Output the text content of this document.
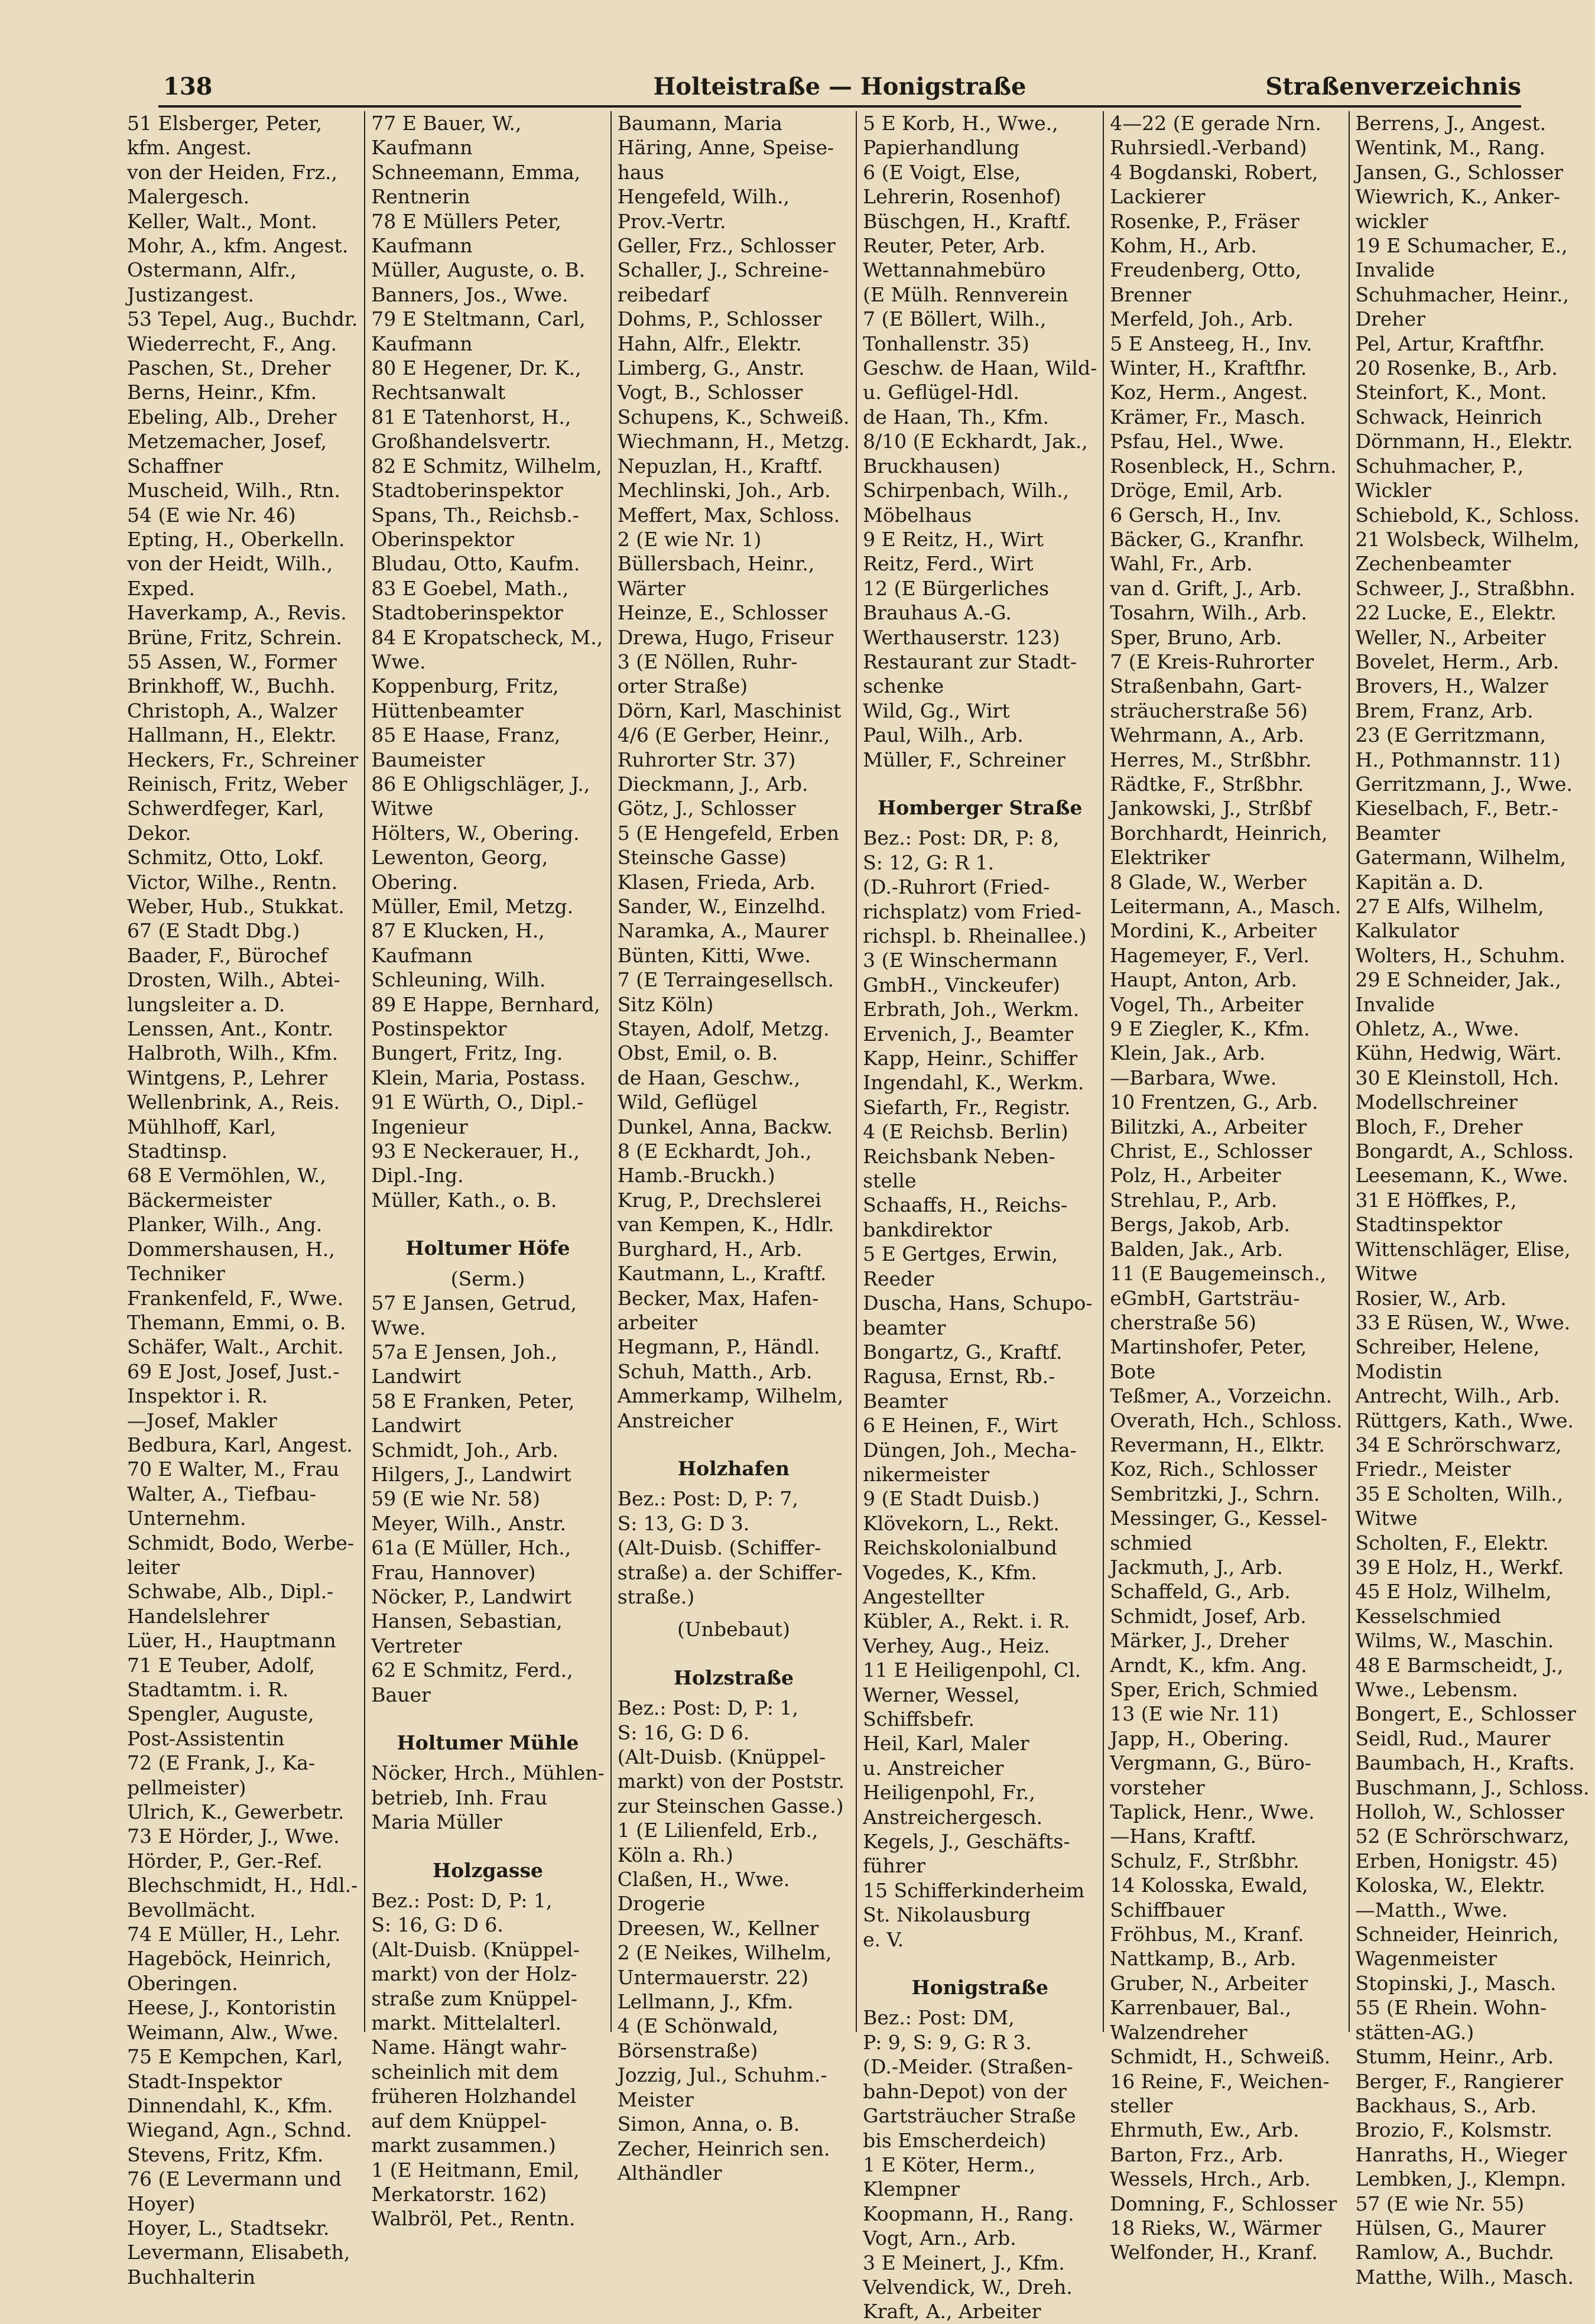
138	Holteistraße — Honigstraße	Straßenverzeichnis
51 Elsberger, Peter,
kfm. Angest.
von der Heiden, Frz.,
Malergesch.
Keller, Walt., Mont.
Mohr, A., kfm. Angest.
Ostermann, Alfr.,
Justizangest.
53 Tepel, Aug., Buchdr.
Wiederrecht, F., Ang.
Paschen, St., Dreher
Berns, Heinr., Kfm.
Ebeling, Alb., Dreher
Metzemacher, Josef,
Schaffner
Muscheid, Wilh., Rtn.
54 (E wie Nr. 46)
Epting, H., Oberkelln.
von der Heidt, Wilh.,
Exped.
Haverkamp, A., Revis.
Brüne, Fritz, Schrein.
55 Assen, W., Former
Brinkhoff, W., Buchh.
Christoph, A., Walzer
Hallmann, H., Elektr.
Heckers, Fr., Schreiner
Reinisch, Fritz, Weber
Schwerdfeger, Karl,
Dekor.
Schmitz, Otto, Lokf.
Victor, Wilhe., Rentn.
Weber, Hub., Stukkat.
67 (E Stadt Dbg.)
Baader, F., Bürochef
Drosten, Wilh., Abtei-
lungsleiter a. D.
Lenssen, Ant., Kontr.
Halbroth, Wilh., Kfm.
Wintgens, P., Lehrer
Wellenbrink, A., Reis.
Mühlhoff, Karl,
Stadtinsp.
68 E Vermöhlen, W.,
Bäckermeister
Planker, Wilh., Ang.
Dommershausen, H.,
Techniker
Frankenfeld, F., Wwe.
Themann, Emmi, o. B.
Schäfer, Walt., Archit.
69 E Jost, Josef, Just.-
Inspektor i. R.
—Josef, Makler
Bedbura, Karl, Angest.
70 E Walter, M., Frau
Walter, A., Tiefbau-
Unternehm.
Schmidt, Bodo, Werbe-
leiter
Schwabe, Alb., Dipl.-
Handelslehrer
Lüer, H., Hauptmann
71 E Teuber, Adolf,
Stadtamtm. i. R.
Spengler, Auguste,
Post-Assistentin
72 (E Frank, J., Ka-
pellmeister)
Ulrich, K., Gewerbetr.
73 E Hörder, J., Wwe.
Hörder, P., Ger.-Ref.
Blechschmidt, H., Hdl.-
Bevollmächt.
74 E Müller, H., Lehr.
Hageböck, Heinrich,
Oberingen.
Heese, J., Kontoristin
Weimann, Alw., Wwe.
75 E Kempchen, Karl,
Stadt-Inspektor
Dinnendahl, K., Kfm.
Wiegand, Agn., Schnd.
Stevens, Fritz, Kfm.
76 (E Levermann und
Hoyer)
Hoyer, L., Stadtsekr.
Levermann, Elisabeth,
Buchhalterin
77 E Bauer, W.,
Kaufmann
Schneemann, Emma,
Rentnerin
78 E Müllers Peter,
Kaufmann
Müller, Auguste, o. B.
Banners, Jos., Wwe.
79 E Steltmann, Carl,
Kaufmann
80 E Hegener, Dr. K.,
Rechtsanwalt
81 E Tatenhorst, H.,
Großhandelsvertr.
82 E Schmitz, Wilhelm,
Stadtoberinspektor
Spans, Th., Reichsb.-
Oberinspektor
Bludau, Otto, Kaufm.
83 E Goebel, Math.,
Stadtoberinspektor
84 E Kropatscheck, M.,
Wwe.
Koppenburg, Fritz,
Hüttenbeamter
85 E Haase, Franz,
Baumeister
86 E Ohligschläger, J.,
Witwe
Hölters, W., Obering.
Lewenton, Georg,
Obering.
Müller, Emil, Metzg.
87 E Klucken, H.,
Kaufmann
Schleuning, Wilh.
89 E Happe, Bernhard,
Postinspektor
Bungert, Fritz, Ing.
Klein, Maria, Postass.
91 E Würth, O., Dipl.-
Ingenieur
93 E Neckerauer, H.,
Dipl.-Ing.
Müller, Kath., o. B.
Holtumer Höfe
(Serm.)
57 E Jansen, Getrud,
Wwe.
57a E Jensen, Joh.,
Landwirt
58 E Franken, Peter,
Landwirt
Schmidt, Joh., Arb.
Hilgers, J., Landwirt
59 (E wie Nr. 58)
Meyer, Wilh., Anstr.
61a (E Müller, Hch.,
Frau, Hannover)
Nöcker, P., Landwirt
Hansen, Sebastian,
Vertreter
62 E Schmitz, Ferd.,
Bauer
Holtumer Mühle
Nöcker, Hrch., Mühlen-
betrieb, Inh. Frau
Maria Müller
Holzgasse
Bez.: Post: D, P: 1,
S: 16, G: D 6.
(Alt-Duisb. (Knüppel-
markt) von der Holz-
straße zum Knüppel-
markt. Mittelalterl.
Name. Hängt wahr-
scheinlich mit dem
früheren Holzhandel
auf dem Knüppel-
markt zusammen.)
1 (E Heitmann, Emil,
Merkatorstr. 162)
Walbröl, Pet., Rentn.
Baumann, Maria
Häring, Anne, Speise-
haus
Hengefeld, Wilh.,
Prov.-Vertr.
Geller, Frz., Schlosser
Schaller, J., Schreine-
reibedarf
Dohms, P., Schlosser
Hahn, Alfr., Elektr.
Limberg, G., Anstr.
Vogt, B., Schlosser
Schupens, K., Schweiß.
Wiechmann, H., Metzg.
Nepuzlan, H., Kraftf.
Mechlinski, Joh., Arb.
Meffert, Max, Schloss.
2 (E wie Nr. 1)
Büllersbach, Heinr.,
Wärter
Heinze, E., Schlosser
Drewa, Hugo, Friseur
3 (E Nöllen, Ruhr-
orter Straße)
Dörn, Karl, Maschinist
4/6 (E Gerber, Heinr.,
Ruhrorter Str. 37)
Dieckmann, J., Arb.
Götz, J., Schlosser
5 (E Hengefeld, Erben
Steinsche Gasse)
Klasen, Frieda, Arb.
Sander, W., Einzelhd.
Naramka, A., Maurer
Bünten, Kitti, Wwe.
7 (E Terraingesellsch.
Sitz Köln)
Stayen, Adolf, Metzg.
Obst, Emil, o. B.
de Haan, Geschw.,
Wild, Geflügel
Dunkel, Anna, Backw.
8 (E Eckhardt, Joh.,
Hamb.-Bruckh.)
Krug, P., Drechslerei
van Kempen, K., Hdlr.
Burghard, H., Arb.
Kautmann, L., Kraftf.
Becker, Max, Hafen-
arbeiter
Hegmann, P., Händl.
Schuh, Matth., Arb.
Ammerkamp, Wilhelm,
Anstreicher
Holzhafen
Bez.: Post: D, P: 7,
S: 13, G: D 3.
(Alt-Duisb. (Schiffer-
straße) a. der Schiffer-
straße.)
(Unbebaut)
Holzstraße
Bez.: Post: D, P: 1,
S: 16, G: D 6.
(Alt-Duisb. (Knüppel-
markt) von der Poststr.
zur Steinschen Gasse.)
1 (E Lilienfeld, Erb.,
Köln a. Rh.)
Claßen, H., Wwe.
Drogerie
Dreesen, W., Kellner
2 (E Neikes, Wilhelm,
Untermauerstr. 22)
Lellmann, J., Kfm.
4 (E Schönwald,
Börsenstraße)
Jozzig, Jul., Schuhm.-
Meister
Simon, Anna, o. B.
Zecher, Heinrich sen.
Althändler
5 E Korb, H., Wwe.,
Papierhandlung
6 (E Voigt, Else,
Lehrerin, Rosenhof)
Büschgen, H., Kraftf.
Reuter, Peter, Arb.
Wettannahmebüro
(E Mülh. Rennverein
7 (E Böllert, Wilh.,
Tonhallenstr. 35)
Geschw. de Haan, Wild-
u. Geflügel-Hdl.
de Haan, Th., Kfm.
8/10 (E Eckhardt, Jak.,
Bruckhausen)
Schirpenbach, Wilh.,
Möbelhaus
9 E Reitz, H., Wirt
Reitz, Ferd., Wirt
12 (E Bürgerliches
Brauhaus A.-G.
Werthauserstr. 123)
Restaurant zur Stadt-
schenke
Wild, Gg., Wirt
Paul, Wilh., Arb.
Müller, F., Schreiner
Homberger Straße
Bez.: Post: DR, P: 8,
S: 12, G: R 1.
(D.-Ruhrort (Fried-
richsplatz) vom Fried-
richspl. b. Rheinallee.)
3 (E Winschermann
GmbH., Vinckeufer)
Erbrath, Joh., Werkm.
Ervenich, J., Beamter
Kapp, Heinr., Schiffer
Ingendahl, K., Werkm.
Siefarth, Fr., Registr.
4 (E Reichsb. Berlin)
Reichsbank Neben-
stelle
Schaaffs, H., Reichs-
bankdirektor
5 E Gertges, Erwin,
Reeder
Duscha, Hans, Schupo-
beamter
Bongartz, G., Kraftf.
Ragusa, Ernst, Rb.-
Beamter
6 E Heinen, F., Wirt
Düngen, Joh., Mecha-
nikermeister
9 (E Stadt Duisb.)
Klövekorn, L., Rekt.
Reichskolonialbund
Vogedes, K., Kfm.
Angestellter
Kübler, A., Rekt. i. R.
Verhey, Aug., Heiz.
11 E Heiligenpohl, Cl.
Werner, Wessel,
Schiffsbefr.
Heil, Karl, Maler
u. Anstreicher
Heiligenpohl, Fr.,
Anstreichergesch.
Kegels, J., Geschäfts-
führer
15 Schifferkinderheim
St. Nikolausburg
e. V.
Honigstraße
Bez.: Post: DM,
P: 9, S: 9, G: R 3.
(D.-Meider. (Straßen-
bahn-Depot) von der
Gartsträucher Straße
bis Emscherdeich)
1 E Köter, Herm.,
Klempner
Koopmann, H., Rang.
Vogt, Arn., Arb.
3 E Meinert, J., Kfm.
Velvendick, W., Dreh.
Kraft, A., Arbeiter
4—22 (E gerade Nrn.
Ruhrsiedl.-Verband)
4 Bogdanski, Robert,
Lackierer
Rosenke, P., Fräser
Kohm, H., Arb.
Freudenberg, Otto,
Brenner
Merfeld, Joh., Arb.
5 E Ansteeg, H., Inv.
Winter, H., Kraftfhr.
Koz, Herm., Angest.
Krämer, Fr., Masch.
Psfau, Hel., Wwe.
Rosenbleck, H., Schrn.
Dröge, Emil, Arb.
6 Gersch, H., Inv.
Bäcker, G., Kranfhr.
Wahl, Fr., Arb.
van d. Grift, J., Arb.
Tosahrn, Wilh., Arb.
Sper, Bruno, Arb.
7 (E Kreis-Ruhrorter
Straßenbahn, Gart-
sträucherstraße 56)
Wehrmann, A., Arb.
Herres, M., Strßbhr.
Rädtke, F., Strßbhr.
Jankowski, J., Strßbf
Borchhardt, Heinrich,
Elektriker
8 Glade, W., Werber
Leitermann, A., Masch.
Mordini, K., Arbeiter
Hagemeyer, F., Verl.
Haupt, Anton, Arb.
Vogel, Th., Arbeiter
9 E Ziegler, K., Kfm.
Klein, Jak., Arb.
—Barbara, Wwe.
10 Frentzen, G., Arb.
Bilitzki, A., Arbeiter
Christ, E., Schlosser
Polz, H., Arbeiter
Strehlau, P., Arb.
Bergs, Jakob, Arb.
Balden, Jak., Arb.
11 (E Baugemeinsch.,
eGmbH, Gartsträu-
cherstraße 56)
Martinshofer, Peter,
Bote
Teßmer, A., Vorzeichn.
Overath, Hch., Schloss.
Revermann, H., Elktr.
Koz, Rich., Schlosser
Sembritzki, J., Schrn.
Messinger, G., Kessel-
schmied
Jackmuth, J., Arb.
Schaffeld, G., Arb.
Schmidt, Josef, Arb.
Märker, J., Dreher
Arndt, K., kfm. Ang.
Sper, Erich, Schmied
13 (E wie Nr. 11)
Japp, H., Obering.
Vergmann, G., Büro-
vorsteher
Taplick, Henr., Wwe.
—Hans, Kraftf.
Schulz, F., Strßbhr.
14 Kolosska, Ewald,
Schiffbauer
Fröhbus, M., Kranf.
Nattkamp, B., Arb.
Gruber, N., Arbeiter
Karrenbauer, Bal.,
Walzendreher
Schmidt, H., Schweiß.
16 Reine, F., Weichen-
steller
Ehrmuth, Ew., Arb.
Barton, Frz., Arb.
Wessels, Hrch., Arb.
Domning, F., Schlosser
18 Rieks, W., Wärmer
Welfonder, H., Kranf.
Berrens, J., Angest.
Wentink, M., Rang.
Jansen, G., Schlosser
Wiewrich, K., Anker-
wickler
19 E Schumacher, E.,
Invalide
Schuhmacher, Heinr.,
Dreher
Pel, Artur, Kraftfhr.
20 Rosenke, B., Arb.
Steinfort, K., Mont.
Schwack, Heinrich
Dörnmann, H., Elektr.
Schuhmacher, P.,
Wickler
Schiebold, K., Schloss.
21 Wolsbeck, Wilhelm,
Zechenbeamter
Schweer, J., Straßbhn.
22 Lucke, E., Elektr.
Weller, N., Arbeiter
Bovelet, Herm., Arb.
Brovers, H., Walzer
Brem, Franz, Arb.
23 (E Gerritzmann,
H., Pothmannstr. 11)
Gerritzmann, J., Wwe.
Kieselbach, F., Betr.-
Beamter
Gatermann, Wilhelm,
Kapitän a. D.
27 E Alfs, Wilhelm,
Kalkulator
Wolters, H., Schuhm.
29 E Schneider, Jak.,
Invalide
Ohletz, A., Wwe.
Kühn, Hedwig, Wärt.
30 E Kleinstoll, Hch.
Modellschreiner
Bloch, F., Dreher
Bongardt, A., Schloss.
Leesemann, K., Wwe.
31 E Höffkes, P.,
Stadtinspektor
Wittenschläger, Elise,
Witwe
Rosier, W., Arb.
33 E Rüsen, W., Wwe.
Schreiber, Helene,
Modistin
Antrecht, Wilh., Arb.
Rüttgers, Kath., Wwe.
34 E Schrörschwarz,
Friedr., Meister
35 E Scholten, Wilh.,
Witwe
Scholten, F., Elektr.
39 E Holz, H., Werkf.
45 E Holz, Wilhelm,
Kesselschmied
Wilms, W., Maschin.
48 E Barmscheidt, J.,
Wwe., Lebensm.
Bongert, E., Schlosser
Seidl, Rud., Maurer
Baumbach, H., Krafts.
Buschmann, J., Schloss.
Holloh, W., Schlosser
52 (E Schrörschwarz,
Erben, Honigstr. 45)
Koloska, W., Elektr.
—Matth., Wwe.
Schneider, Heinrich,
Wagenmeister
Stopinski, J., Masch.
55 (E Rhein. Wohn-
stätten-AG.)
Stumm, Heinr., Arb.
Berger, F., Rangierer
Backhaus, S., Arb.
Brozio, F., Kolsmstr.
Hanraths, H., Wieger
Lembken, J., Klempn.
57 (E wie Nr. 55)
Hülsen, G., Maurer
Ramlow, A., Buchdr.
Matthe, Wilh., Masch.
